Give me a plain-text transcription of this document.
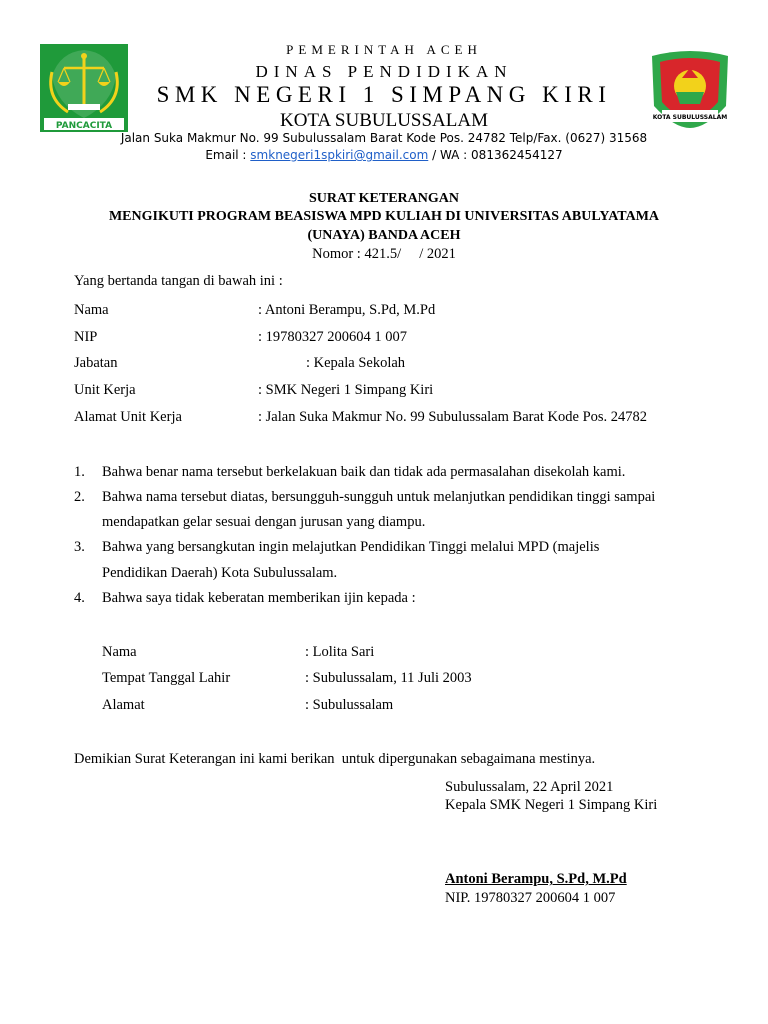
PANCACITA
KOTA SUBULUSSALAM
PEMERINTAH ACEH
DINAS PENDIDIKAN
SMK NEGERI 1 SIMPANG KIRI
KOTA SUBULUSSALAM
Jalan Suka Makmur No. 99 Subulussalam Barat Kode Pos. 24782 Telp/Fax. (0627) 31568
Email : smknegeri1spkiri@gmail.com / WA : 081362454127
SURAT KETERANGAN
MENGIKUTI PROGRAM BEASISWA MPD KULIAH DI UNIVERSITAS ABULYATAMA
(UNAYA) BANDA ACEH
Nomor : 421.5/     / 2021
Yang bertanda tangan di bawah ini :
Nama	: Antoni Berampu, S.Pd, M.Pd
NIP	: 19780327 200604 1 007
Jabatan	: Kepala Sekolah
Unit Kerja	: SMK Negeri 1 Simpang Kiri
Alamat Unit Kerja	: Jalan Suka Makmur No. 99 Subulussalam Barat Kode Pos. 24782
1. Bahwa benar nama tersebut berkelakuan baik dan tidak ada permasalahan disekolah kami.
2. Bahwa nama tersebut diatas, bersungguh-sungguh untuk melanjutkan pendidikan tinggi sampai
mendapatkan gelar sesuai dengan jurusan yang diampu.
3. Bahwa yang bersangkutan ingin melajutkan Pendidikan Tinggi melalui MPD (majelis
Pendidikan Daerah) Kota Subulussalam.
4. Bahwa saya tidak keberatan memberikan ijin kepada :
Nama	: Lolita Sari
Tempat Tanggal Lahir	: Subulussalam, 11 Juli 2003
Alamat	: Subulussalam
Demikian Surat Keterangan ini kami berikan  untuk dipergunakan sebagaimana mestinya.
Subulussalam, 22 April 2021
Kepala SMK Negeri 1 Simpang Kiri
Antoni Berampu, S.Pd, M.Pd
NIP. 19780327 200604 1 007
